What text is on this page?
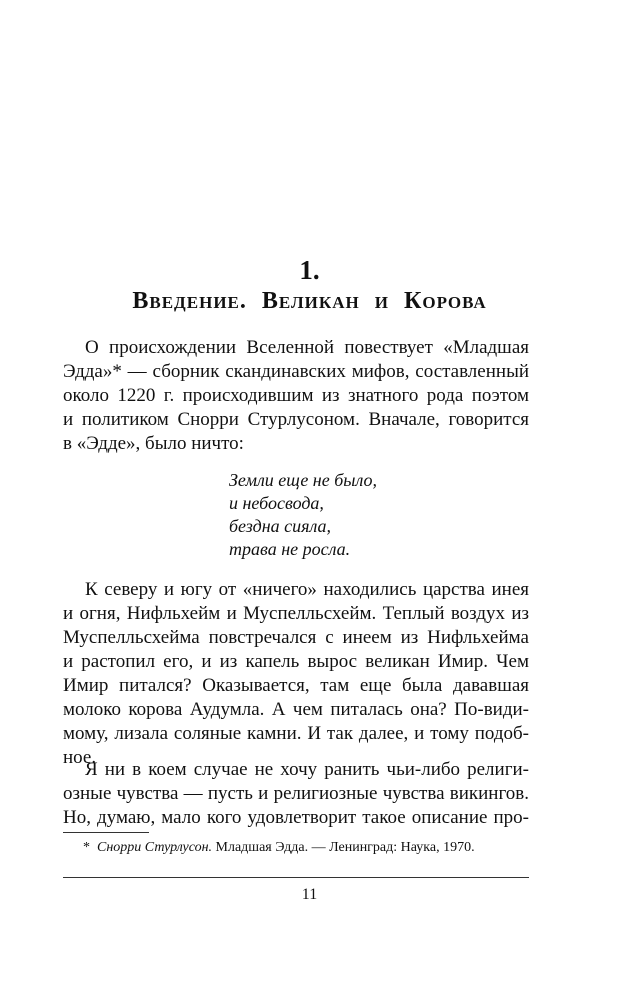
1.
Введение. Великан и Корова
О происхождении Вселенной повествует «Младшая
Эдда»* — сборник скандинавских мифов, составленный
около 1220 г. происходившим из знатного рода поэтом
и политиком Снорри Стурлусоном. Вначале, говорится
в «Эдде», было ничто:
Земли еще не было,
и небосвода,
бездна сияла,
трава не росла.
К северу и югу от «ничего» находились царства инея
и огня, Нифльхейм и Муспелльсхейм. Теплый воздух из
Муспелльсхейма повстречался с инеем из Нифльхейма
и растопил его, и из капель вырос великан Имир. Чем
Имир питался? Оказывается, там еще была дававшая
молоко корова Аудумла. А чем питалась она? По-види-
мому, лизала соляные камни. И так далее, и тому подоб-
ное.
Я ни в коем случае не хочу ранить чьи-либо религи-
озные чувства — пусть и религиозные чувства викингов.
Но, думаю, мало кого удовлетворит такое описание про-
* Снорри Стурлусон. Младшая Эдда. — Ленинград: Наука, 1970.
11
